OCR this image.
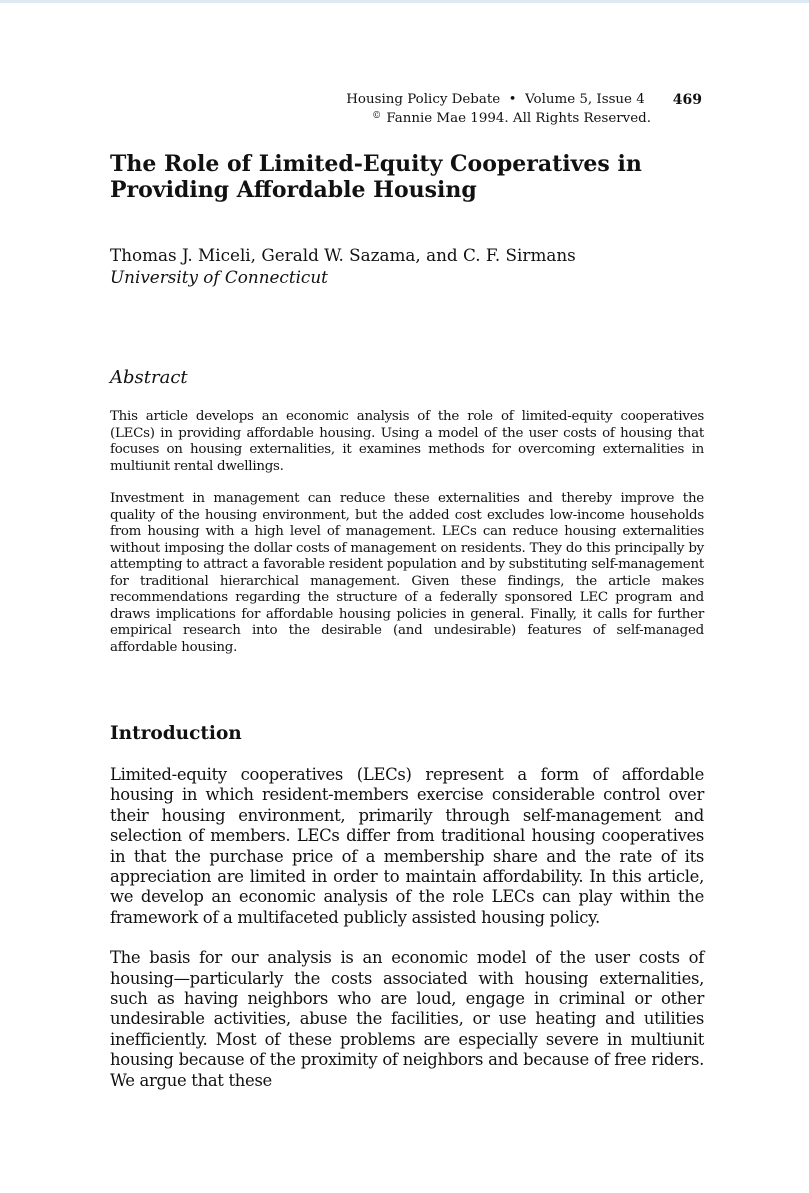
Housing Policy Debate  •  Volume 5, Issue 4 469
© Fannie Mae 1994. All Rights Reserved.
The Role of Limited-Equity Cooperatives in
Providing Affordable Housing
Thomas J. Miceli, Gerald W. Sazama, and C. F. Sirmans
University of Connecticut
Abstract

This article develops an economic analysis of the role of limited-equity cooperatives (LECs) in providing affordable housing. Using a model of the user costs of housing that focuses on housing externalities, it examines methods for overcoming externalities in multiunit rental dwellings.

Investment in management can reduce these externalities and thereby improve the quality of the housing environment, but the added cost excludes low-income households from housing with a high level of management. LECs can reduce housing externalities without imposing the dollar costs of management on residents. They do this principally by attempting to attract a favorable resident population and by substituting self-management for traditional hierarchical management. Given these findings, the article makes recommendations regarding the structure of a federally sponsored LEC program and draws implications for affordable housing policies in general. Finally, it calls for further empirical research into the desirable (and undesirable) features of self-managed affordable housing.

Introduction

Limited-equity cooperatives (LECs) represent a form of affordable housing in which resident-members exercise considerable control over their housing environment, primarily through self-management and selection of members. LECs differ from traditional housing cooperatives in that the purchase price of a membership share and the rate of its appreciation are limited in order to maintain affordability. In this article, we develop an economic analysis of the role LECs can play within the framework of a multifaceted publicly assisted housing policy.

The basis for our analysis is an economic model of the user costs of housing—particularly the costs associated with housing externalities, such as having neighbors who are loud, engage in criminal or other undesirable activities, abuse the facilities, or use heating and utilities inefficiently. Most of these problems are especially severe in multiunit housing because of the proximity of neighbors and because of free riders. We argue that these
